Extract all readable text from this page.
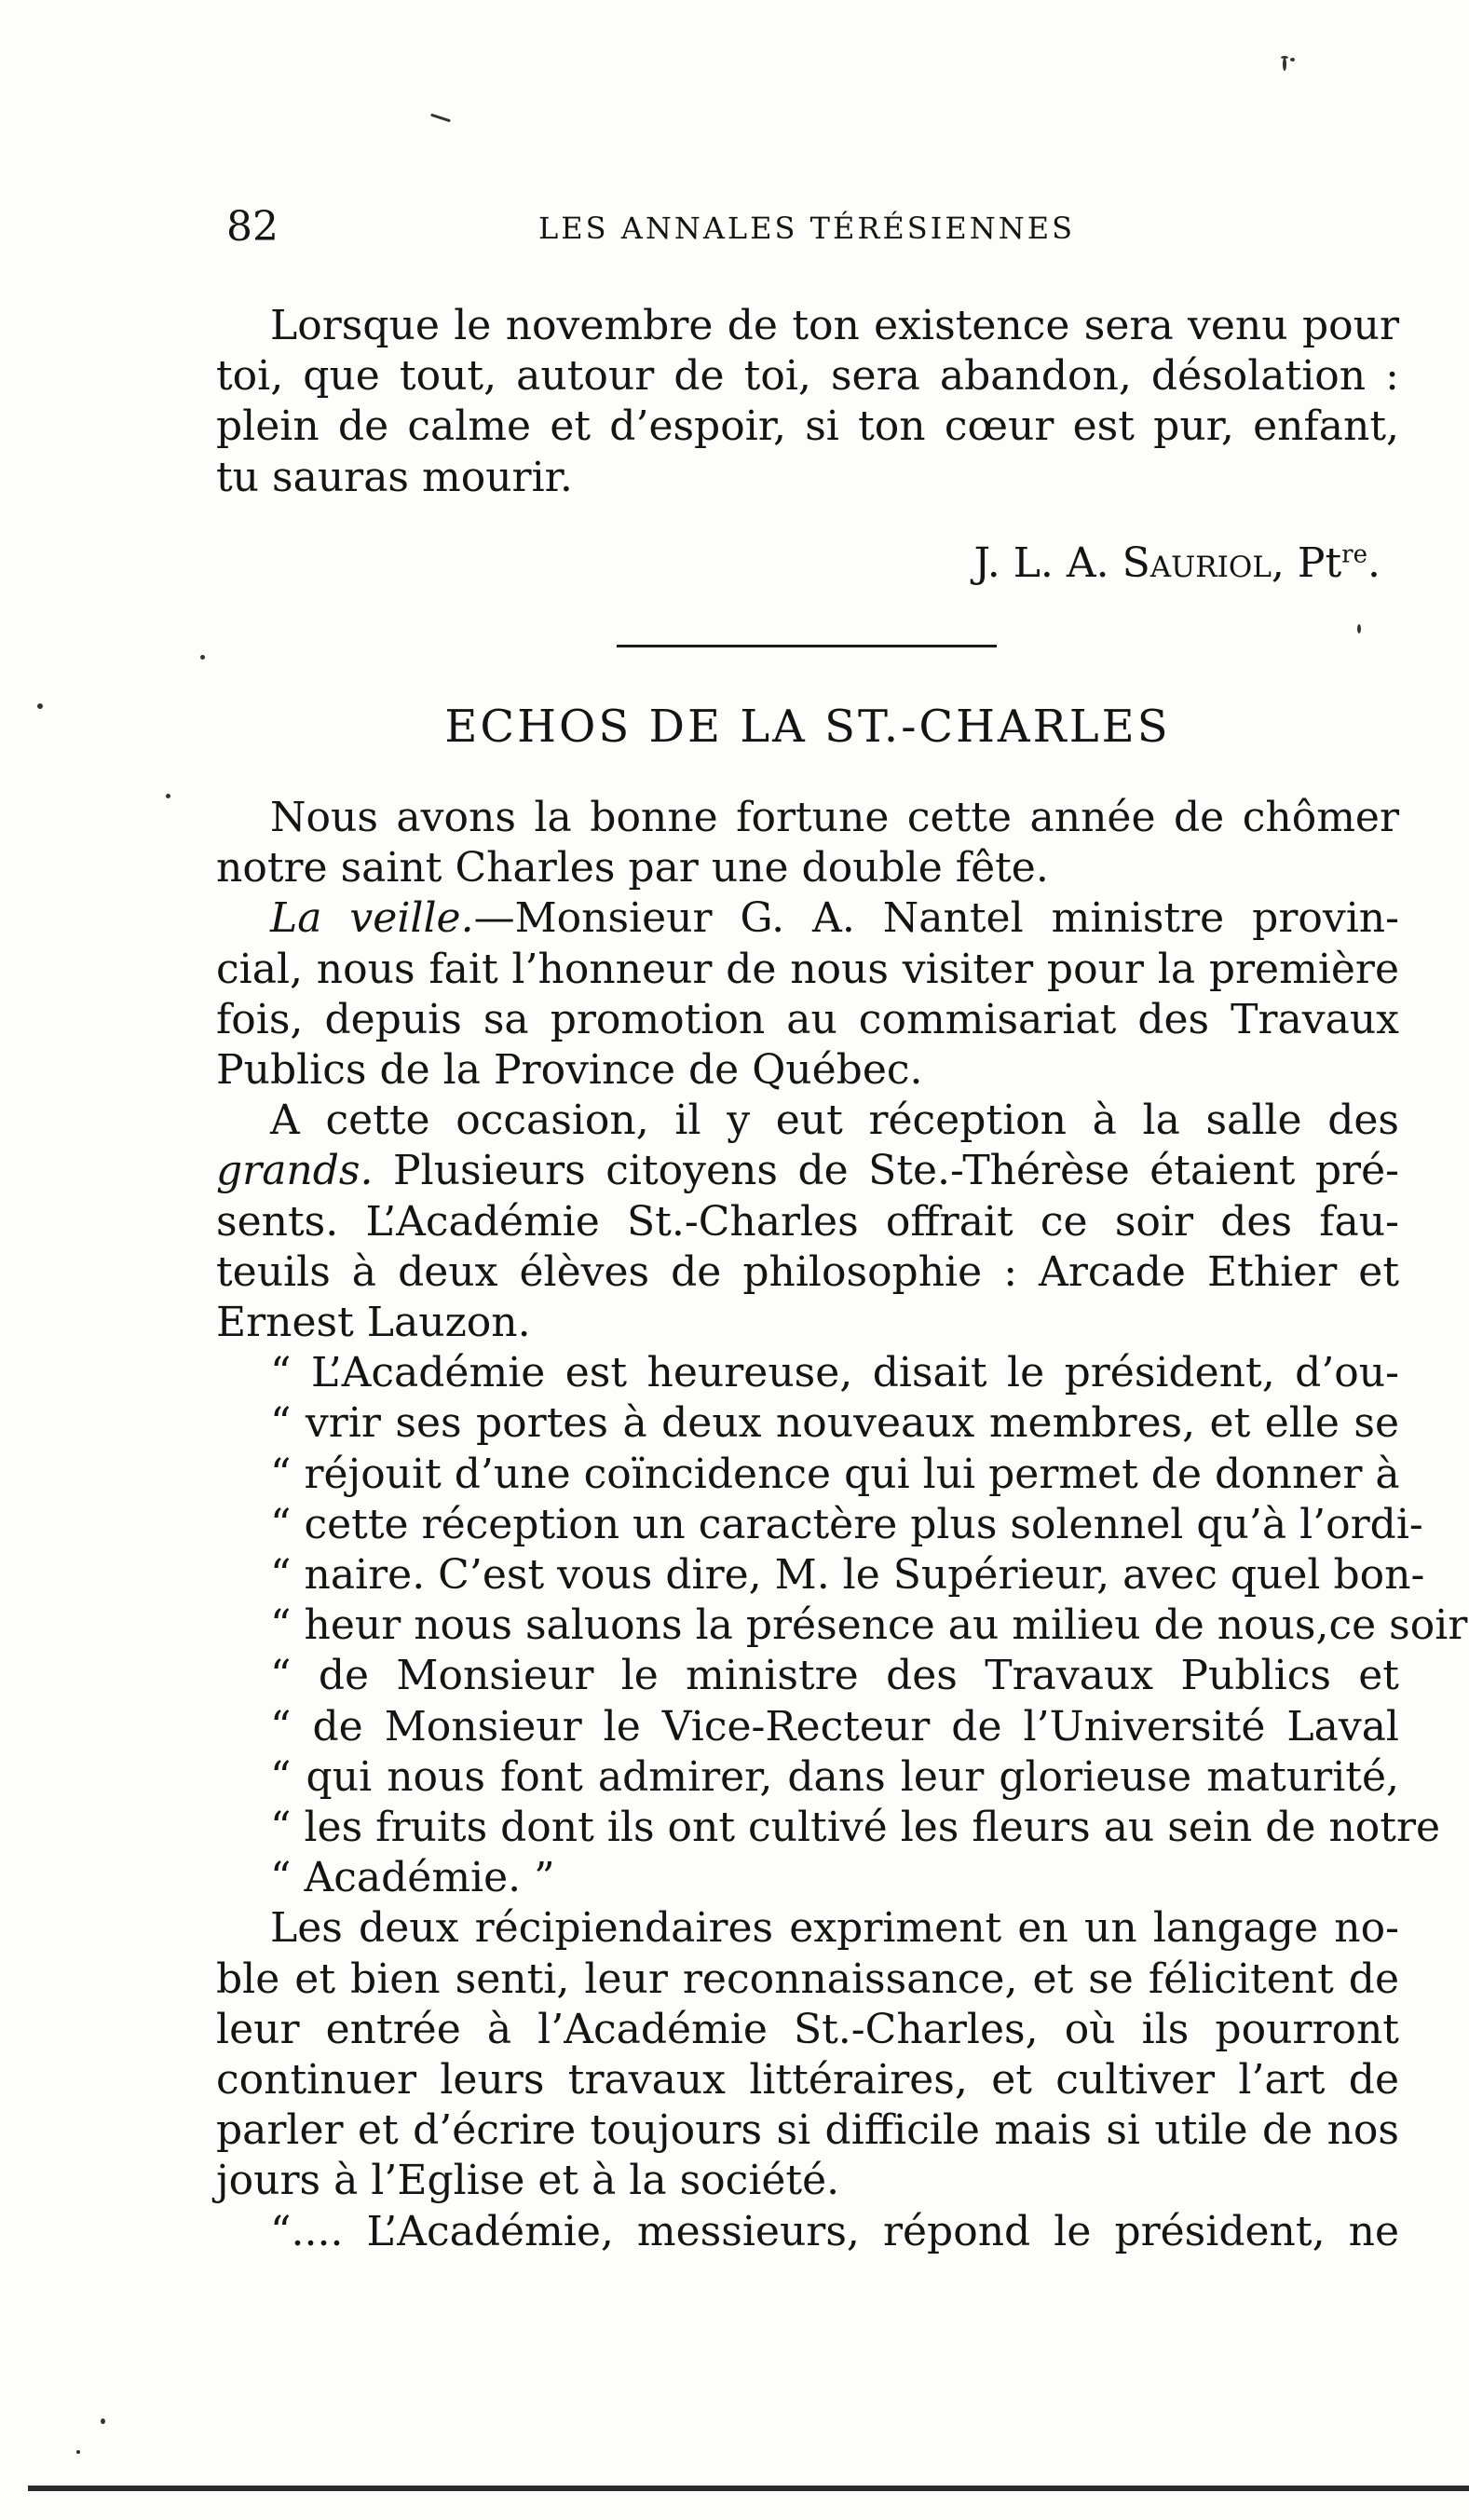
82	LES ANNALES TÉRÉSIENNES
Lorsque le novembre de ton existence sera venu pour
toi, que tout, autour de toi, sera abandon, désolation :
plein de calme et d’espoir, si ton cœur est pur, enfant,
tu sauras mourir.
J. L. A. Sauriol, $Pt^{re}$.
ECHOS DE LA ST.-CHARLES
Nous avons la bonne fortune cette année de chômer
notre saint Charles par une double fête.
La veille.—Monsieur G. A. Nantel ministre provin-
cial, nous fait l’honneur de nous visiter pour la première
fois, depuis sa promotion au commisariat des Travaux
Publics de la Province de Québec.
A cette occasion, il y eut réception à la salle des
grands. Plusieurs citoyens de Ste.-Thérèse étaient pré-
sents. L’Académie St.-Charles offrait ce soir des fau-
teuils à deux élèves de philosophie : Arcade Ethier et
Ernest Lauzon.
“ L’Académie est heureuse, disait le président, d’ou-
“ vrir ses portes à deux nouveaux membres, et elle se
“ réjouit d’une coïncidence qui lui permet de donner à
“ cette réception un caractère plus solennel qu’à l’ordi-
“ naire. C’est vous dire, M. le Supérieur, avec quel bon-
“ heur nous saluons la présence au milieu de nous,ce soir
“ de Monsieur le ministre des Travaux Publics et
“ de Monsieur le Vice-Recteur de l’Université Laval
“ qui nous font admirer, dans leur glorieuse maturité,
“ les fruits dont ils ont cultivé les fleurs au sein de notre
“ Académie. ”
Les deux récipiendaires expriment en un langage no-
ble et bien senti, leur reconnaissance, et se félicitent de
leur entrée à l’Académie St.-Charles, où ils pourront
continuer leurs travaux littéraires, et cultiver l’art de
parler et d’écrire toujours si difficile mais si utile de nos
jours à l’Eglise et à la société.
“.... L’Académie, messieurs, répond le président, ne
